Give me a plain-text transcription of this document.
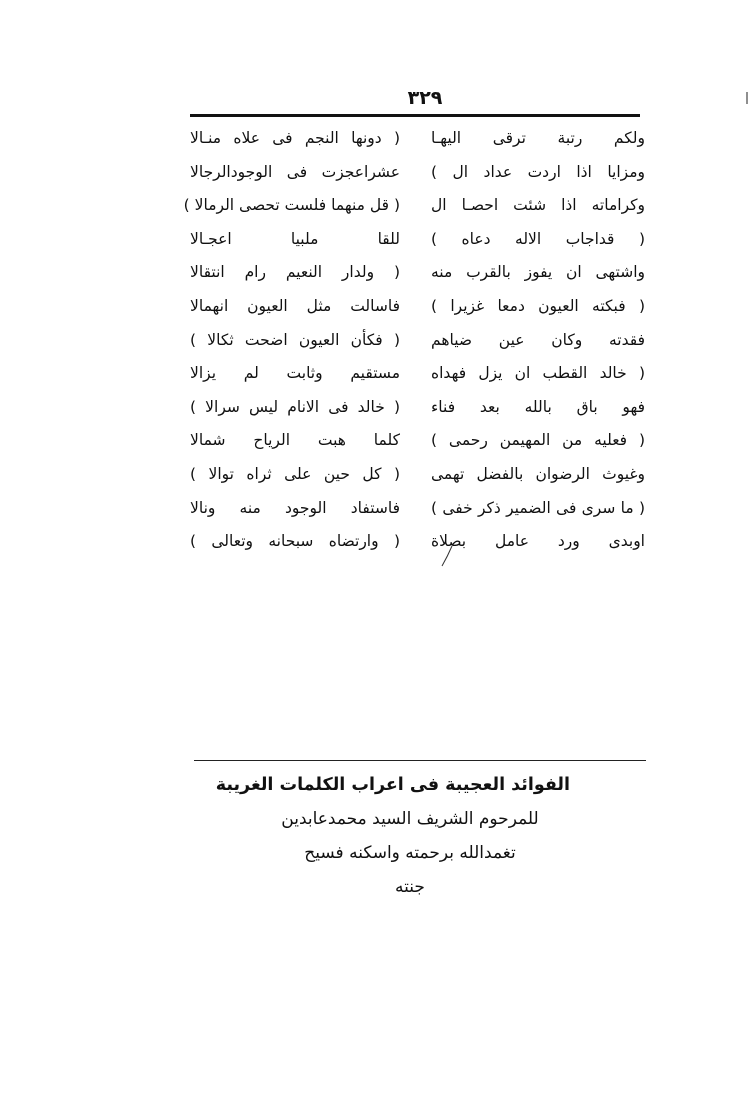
٣٢٩
ولكم رتبة ترقى اليهـا
( دونها النجم فى علاه منـالا
ومزايا اذا اردت عداد ال )
عشراعجزت فى الوجودالرجالا
وكراماته اذا شئت احصـا ال
( قل منهما فلست تحصى الرمالا )
( قداجاب الاله دعاه )
للقا ملبيا اعجـالا
واشتهى ان يفوز بالقرب منه
( ولدار النعيم رام انتقالا
( فبكته العيون دمعا غزيرا )
فاسالت مثل العيون انهمالا
فقدته وكان عين ضياهم
( فكأن العيون اضحت ثكالا )
( خالد القطب ان يزل فهداه
مستقيم وثابت لم يزالا
فهو باق بالله بعد فناء
( خالد فى الانام ليس سرالا )
( فعليه من المهيمن رحمى )
كلما هبت الرياح شمالا
وغيوث الرضوان بالفضل تهمى
( كل حين على ثراه توالا )
( ما سرى فى الضمير ذكر خفى )
فاستفاد الوجود منه ونالا
اوبدى ورد عامل بصلاة
( وارتضاه سبحانه وتعالى )
الفوائد العجيبة فى اعراب الكلمات الغريبة
للمرحوم الشريف السيد محمدعابدين
تغمدالله برحمته واسكنه فسيح
جنته
